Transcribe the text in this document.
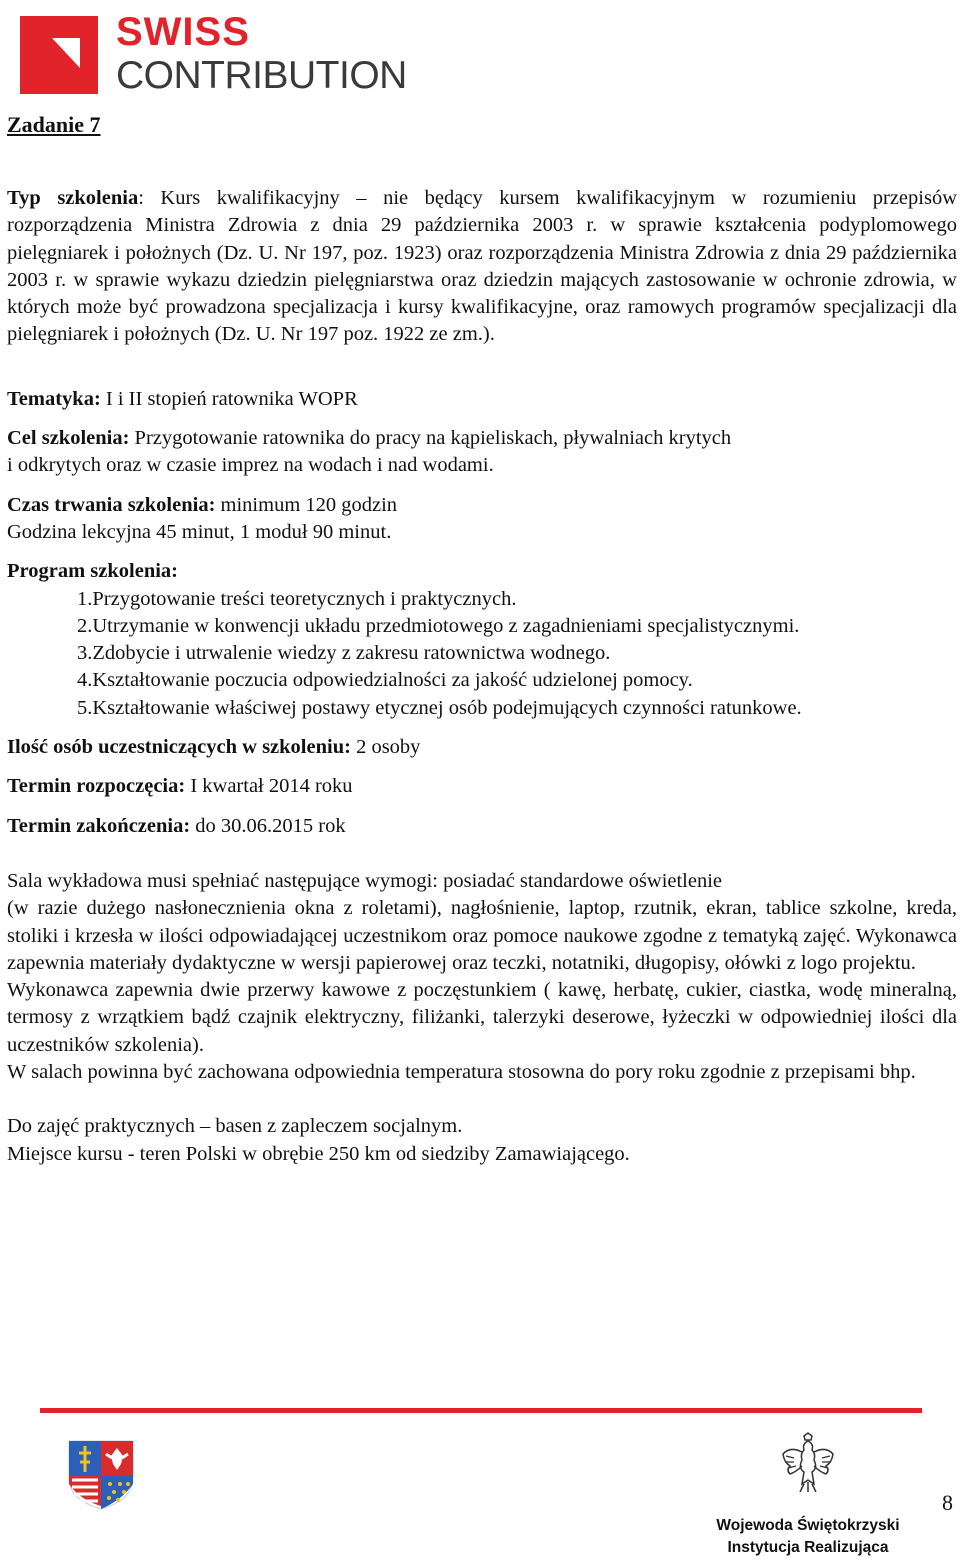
SWISS
CONTRIBUTION
Zadanie 7

Typ szkolenia: Kurs kwalifikacyjny – nie będący kursem kwalifikacyjnym w rozumieniu przepisów rozporządzenia Ministra Zdrowia z dnia 29 października 2003 r. w sprawie kształcenia podyplomowego pielęgniarek i położnych (Dz. U. Nr 197, poz. 1923) oraz rozporządzenia Ministra Zdrowia z dnia 29 października 2003 r. w sprawie wykazu dziedzin pielęgniarstwa oraz dziedzin mających zastosowanie w ochronie zdrowia, w których może być prowadzona specjalizacja i kursy kwalifikacyjne, oraz ramowych programów specjalizacji dla pielęgniarek i położnych (Dz. U. Nr 197 poz. 1922 ze zm.).

Tematyka: I i II stopień ratownika WOPR

Cel szkolenia: Przygotowanie ratownika do pracy na kąpieliskach, pływalniach krytych

i odkrytych oraz w czasie imprez na wodach i nad wodami.

Czas trwania szkolenia: minimum 120 godzin

Godzina lekcyjna 45 minut, 1 moduł 90 minut.

Program szkolenia:

1.Przygotowanie treści teoretycznych i praktycznych.
2.Utrzymanie w konwencji układu przedmiotowego z zagadnieniami specjalistycznymi.
3.Zdobycie i utrwalenie wiedzy z zakresu ratownictwa wodnego.
4.Kształtowanie poczucia odpowiedzialności za jakość udzielonej pomocy.
5.Kształtowanie właściwej postawy etycznej osób podejmujących czynności ratunkowe.

Ilość osób uczestniczących w szkoleniu: 2 osoby

Termin rozpoczęcia: I kwartał 2014 roku

Termin zakończenia: do 30.06.2015 rok

Sala wykładowa musi spełniać następujące wymogi: posiadać standardowe oświetlenie

(w razie dużego nasłonecznienia okna z roletami), nagłośnienie, laptop, rzutnik, ekran, tablice szkolne, kreda, stoliki i krzesła w ilości odpowiadającej uczestnikom oraz pomoce naukowe zgodne z tematyką zajęć. Wykonawca zapewnia materiały dydaktyczne w wersji papierowej oraz teczki, notatniki, długopisy, ołówki z logo projektu.

Wykonawca zapewnia dwie przerwy kawowe z poczęstunkiem ( kawę, herbatę, cukier, ciastka, wodę mineralną, termosy z wrzątkiem bądź czajnik elektryczny, filiżanki, talerzyki deserowe, łyżeczki w odpowiedniej ilości dla uczestników szkolenia).

W salach powinna być zachowana odpowiednia temperatura stosowna do pory roku zgodnie z przepisami bhp.

Do zajęć praktycznych – basen z zapleczem socjalnym.

Miejsce kursu - teren Polski w obrębie 250 km od siedziby Zamawiającego.

Wojewoda Świętokrzyski
Instytucja Realizująca
8
